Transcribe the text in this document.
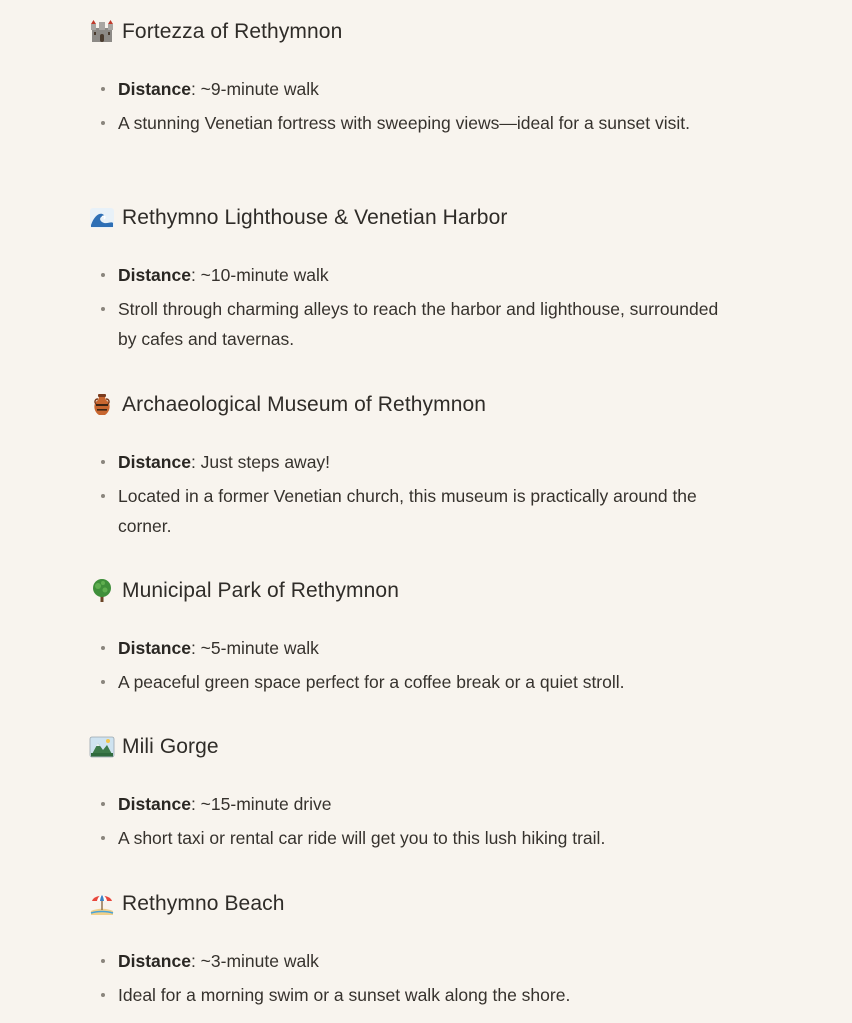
Fortezza of Rethymnon
Distance: ~9-minute walk
A stunning Venetian fortress with sweeping views—ideal for a sunset visit.
Rethymno Lighthouse & Venetian Harbor
Distance: ~10-minute walk
Stroll through charming alleys to reach the harbor and lighthouse, surrounded by cafes and tavernas.
Archaeological Museum of Rethymnon
Distance: Just steps away!
Located in a former Venetian church, this museum is practically around the corner.
Municipal Park of Rethymnon
Distance: ~5-minute walk
A peaceful green space perfect for a coffee break or a quiet stroll.
Mili Gorge
Distance: ~15-minute drive
A short taxi or rental car ride will get you to this lush hiking trail.
Rethymno Beach
Distance: ~3-minute walk
Ideal for a morning swim or a sunset walk along the shore.
